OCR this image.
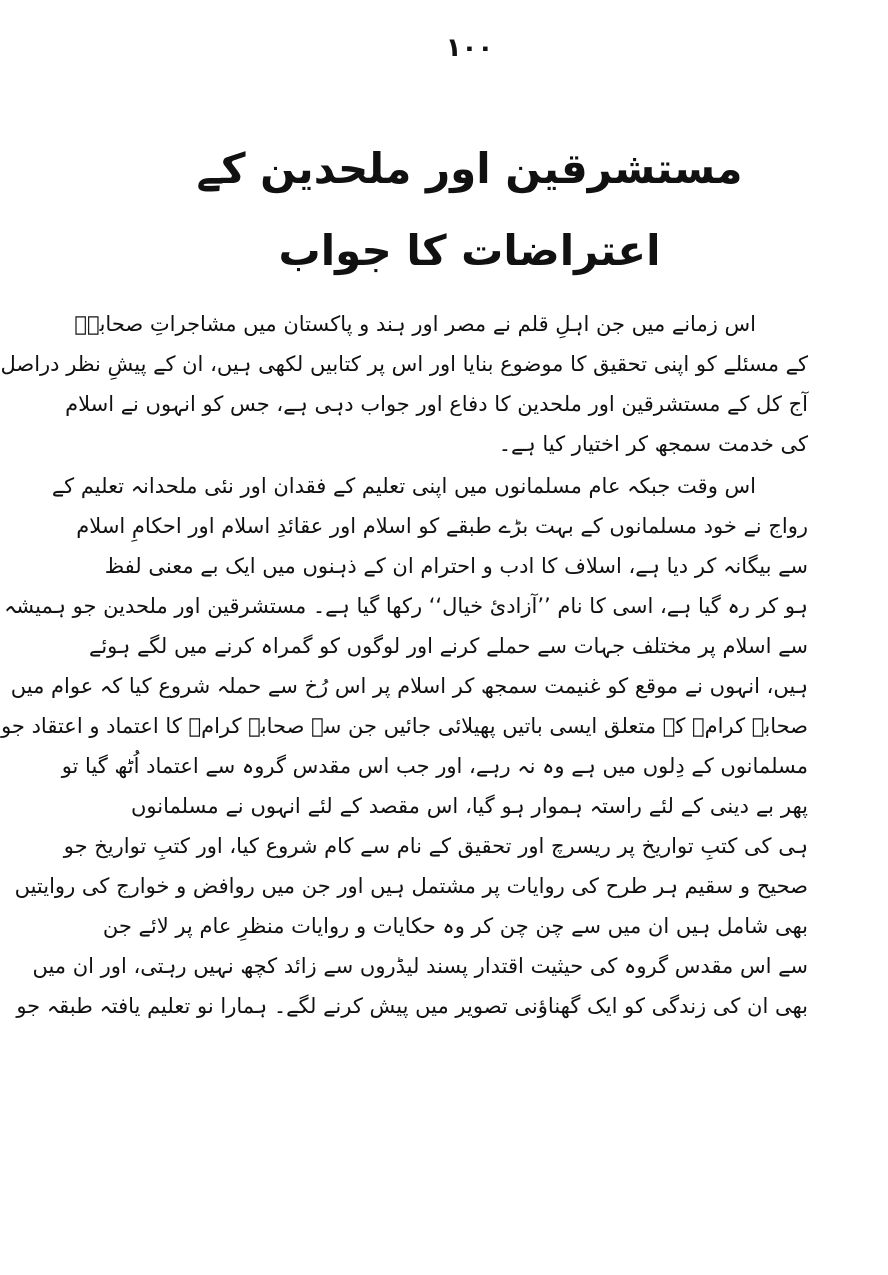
١٠٠
مستشرقین اور ملحدین کے
اعتراضات کا جواب
اس زمانے میں جن اہلِ قلم نے مصر اور ہند و پاکستان میں مشاجراتِ صحابہؓ
کے مسئلے کو اپنی تحقیق کا موضوع بنایا اور اس پر کتابیں لکھی ہیں، ان کے پیشِ نظر دراصل
آج کل کے مستشرقین اور ملحدین کا دفاع اور جواب دہی ہے، جس کو انہوں نے اسلام
کی خدمت سمجھ کر اختیار کیا ہے۔
اس وقت جبکہ عام مسلمانوں میں اپنی تعلیم کے فقدان اور نئی ملحدانہ تعلیم کے
رواج نے خود مسلمانوں کے بہت بڑے طبقے کو اسلام اور عقائدِ اسلام اور احکامِ اسلام
سے بیگانہ کر دیا ہے، اسلاف کا ادب و احترام ان کے ذہنوں میں ایک بے معنی لفظ
ہو کر رہ گیا ہے، اسی کا نام ’’آزادیٔ خیال‘‘ رکھا گیا ہے۔ مستشرقین اور ملحدین جو ہمیشہ
سے اسلام پر مختلف جہات سے حملے کرنے اور لوگوں کو گمراہ کرنے میں لگے ہوئے
ہیں، انہوں نے موقع کو غنیمت سمجھ کر اسلام پر اس رُخ سے حملہ شروع کیا کہ عوام میں
صحابہ کرامؓ کے متعلق ایسی باتیں پھیلائی جائیں جن سے صحابہ کرامؓ کا اعتماد و اعتقاد جو
مسلمانوں کے دِلوں میں ہے وہ نہ رہے، اور جب اس مقدس گروہ سے اعتماد اُٹھ گیا تو
پھر بے دینی کے لئے راستہ ہموار ہو گیا، اس مقصد کے لئے انہوں نے مسلمانوں
ہی کی کتبِ تواریخ پر ریسرچ اور تحقیق کے نام سے کام شروع کیا، اور کتبِ تواریخ جو
صحیح و سقیم ہر طرح کی روایات پر مشتمل ہیں اور جن میں روافض و خوارج کی روایتیں
بھی شامل ہیں ان میں سے چن چن کر وہ حکایات و روایات منظرِ عام پر لائے جن
سے اس مقدس گروہ کی حیثیت اقتدار پسند لیڈروں سے زائد کچھ نہیں رہتی، اور ان میں
بھی ان کی زندگی کو ایک گھناؤنی تصویر میں پیش کرنے لگے۔ ہمارا نو تعلیم یافتہ طبقہ جو
